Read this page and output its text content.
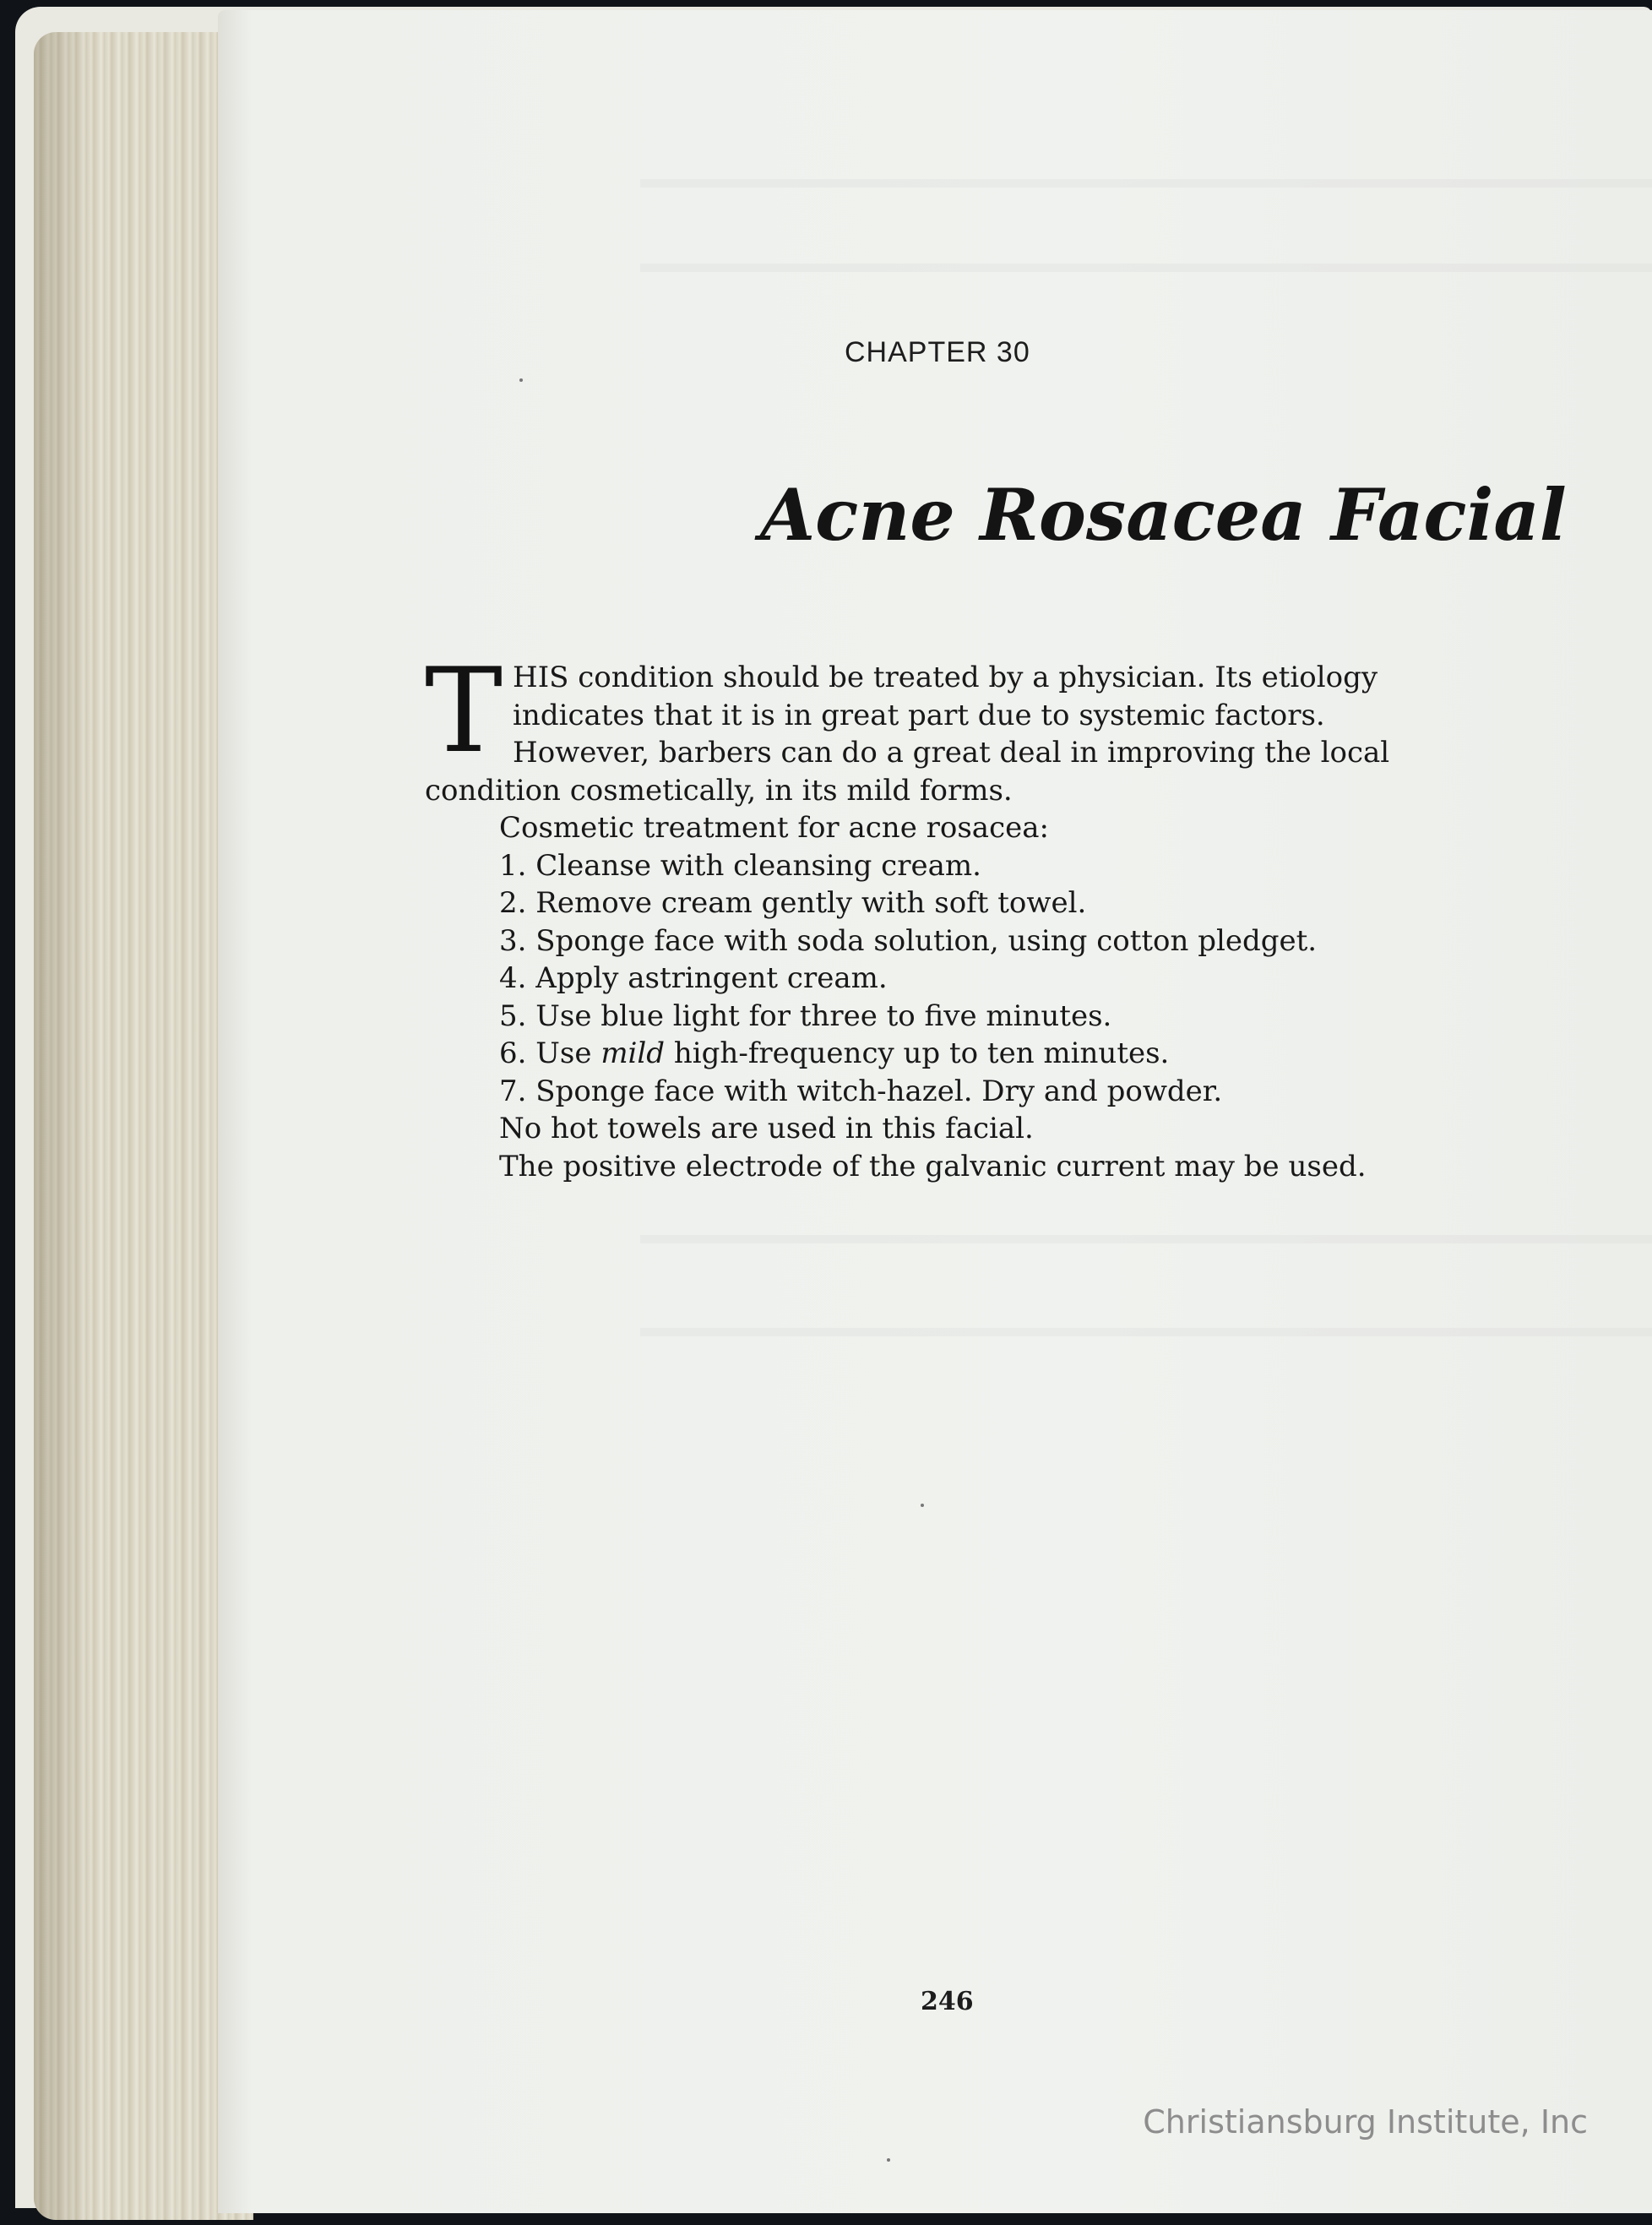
CHAPTER 30
Acne Rosacea Facial
T HIS condition should be treated by a physician. Its etiology
indicates that it is in great part due to systemic factors.
However, barbers can do a great deal in improving the local
condition cosmetically, in its mild forms.
Cosmetic treatment for acne rosacea:
1. Cleanse with cleansing cream.
2. Remove cream gently with soft towel.
3. Sponge face with soda solution, using cotton pledget.
4. Apply astringent cream.
5. Use blue light for three to five minutes.
6. Use mild high-frequency up to ten minutes.
7. Sponge face with witch-hazel. Dry and powder.
No hot towels are used in this facial.
The positive electrode of the galvanic current may be used.
246
Christiansburg Institute, Inc
